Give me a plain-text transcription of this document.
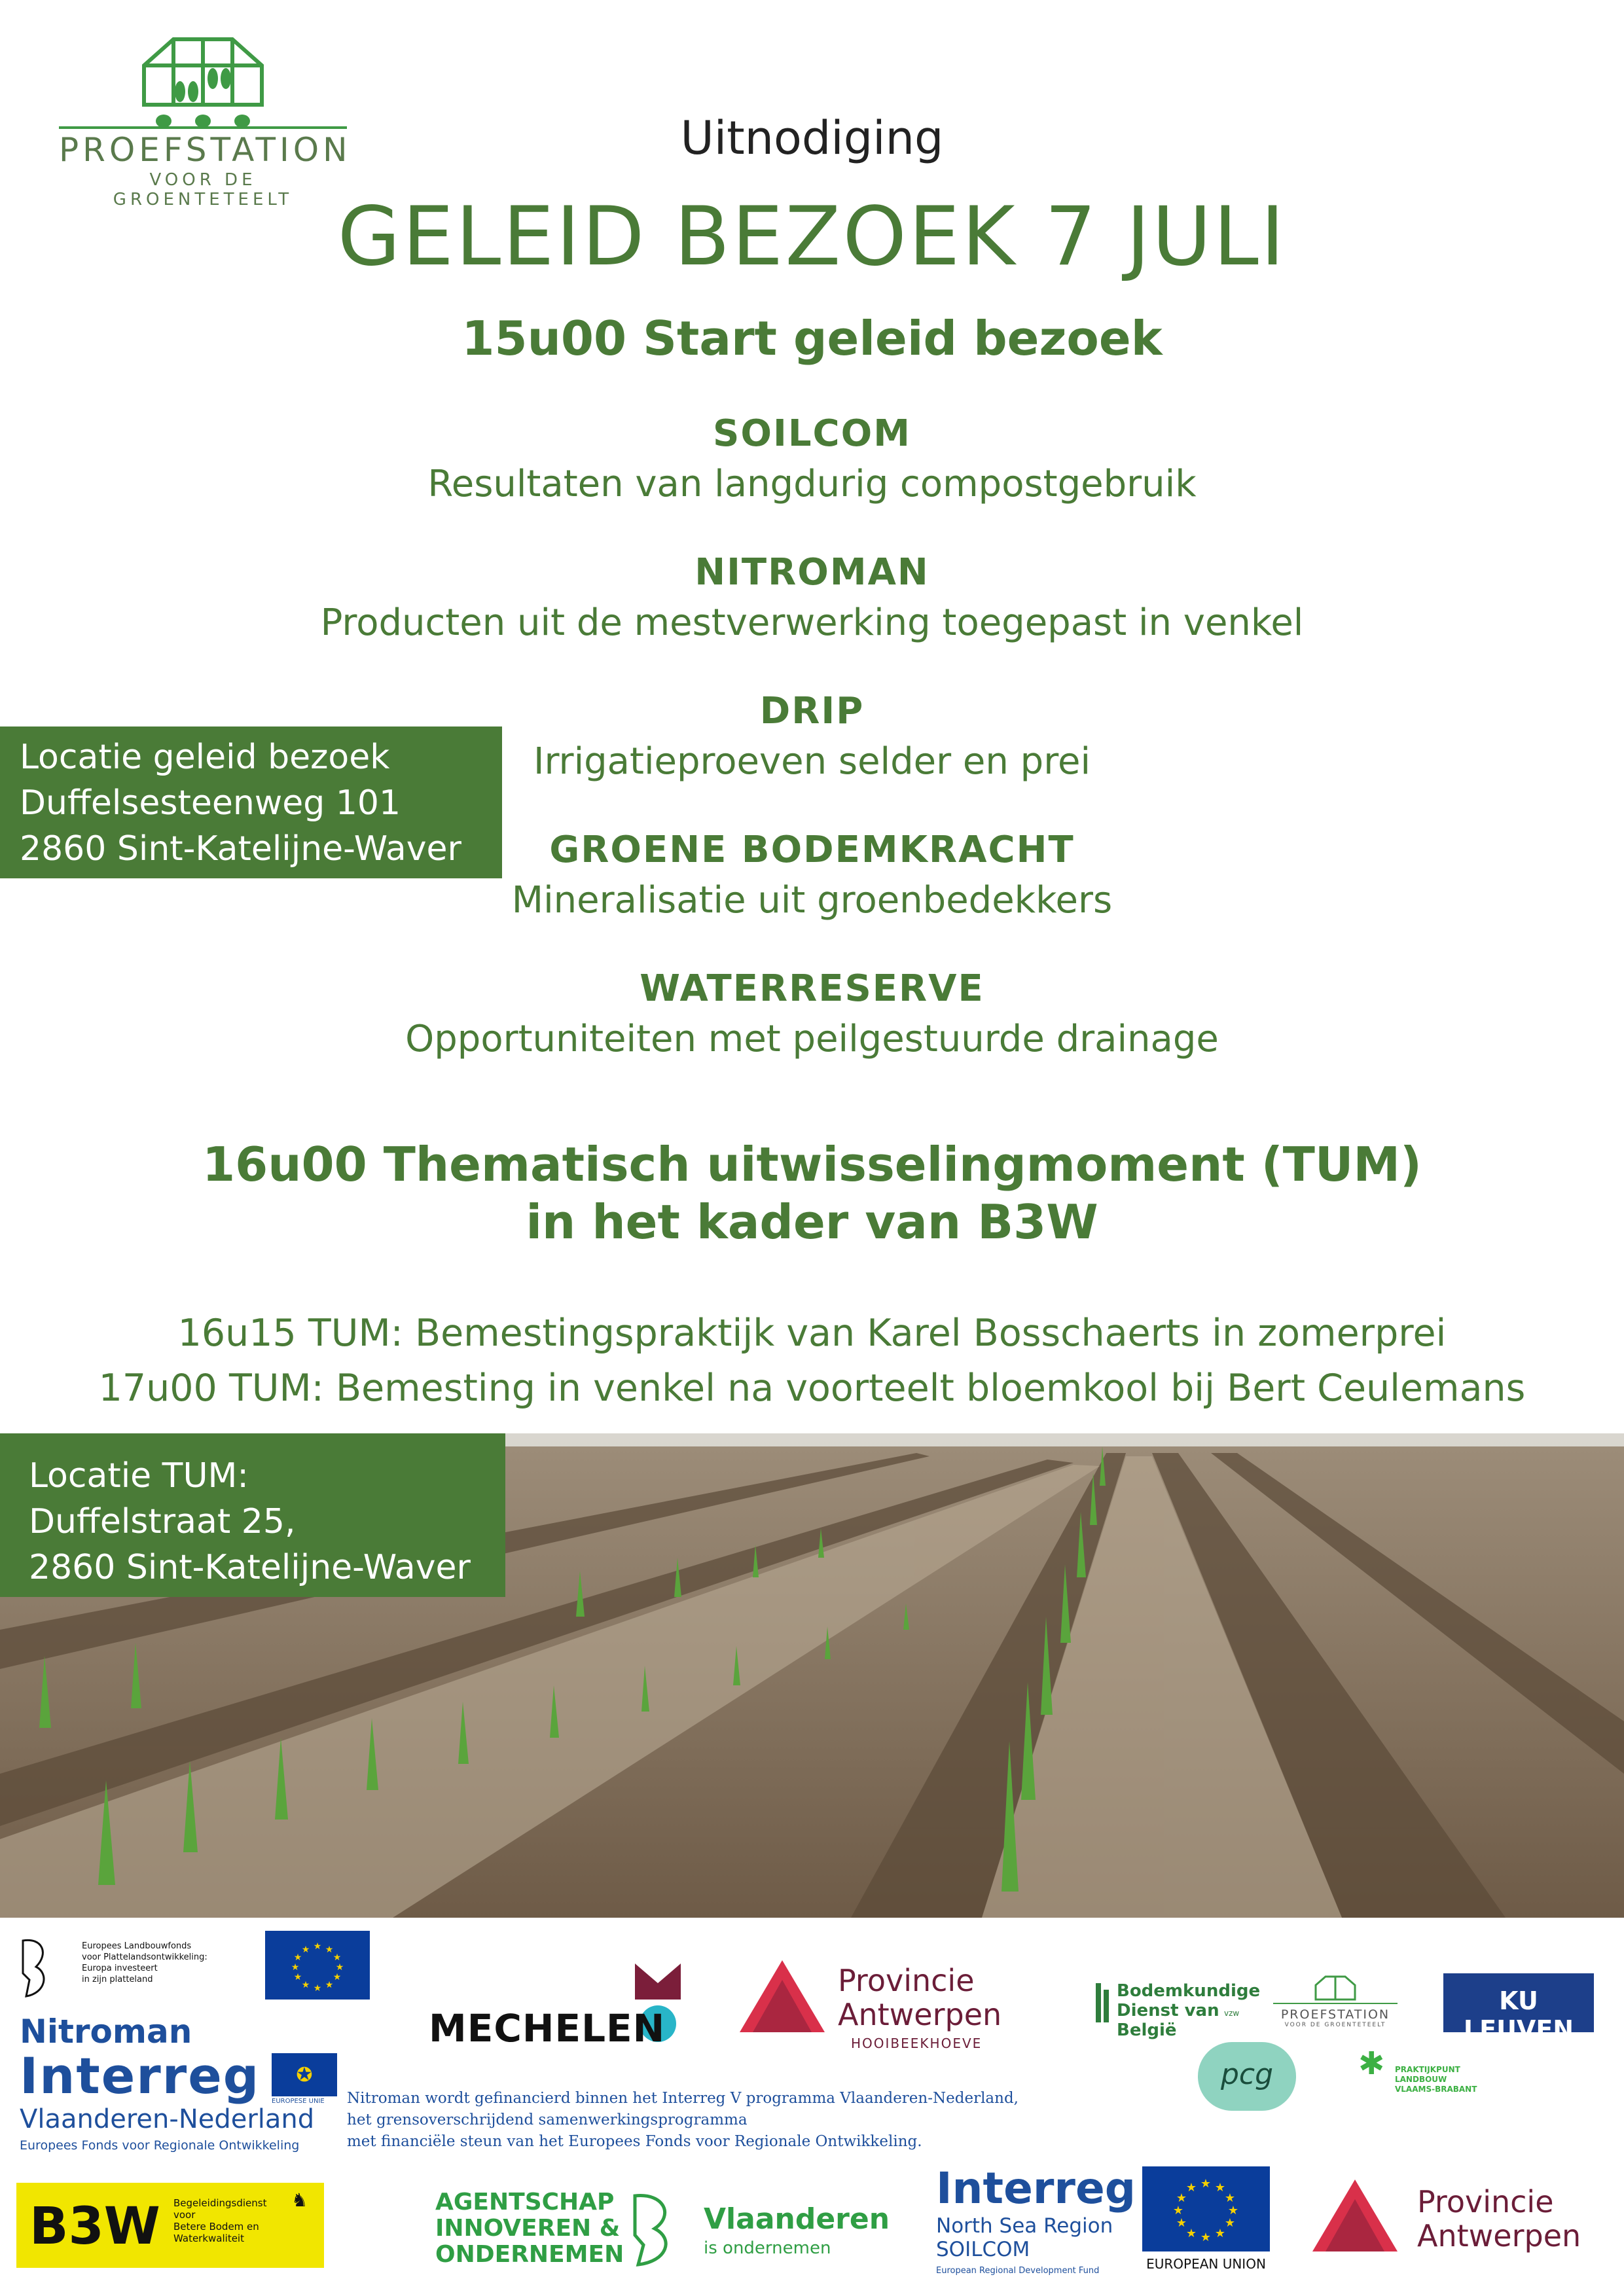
PROEFSTATION
VOOR DE GROENTETEELT
Uitnodiging
GELEID BEZOEK 7 JULI
15u00 Start geleid bezoek
SOILCOM
Resultaten van langdurig compostgebruik
NITROMAN
Producten uit de mestverwerking toegepast in venkel
DRIP
Irrigatieproeven selder en prei
GROENE BODEMKRACHT
Mineralisatie uit groenbedekkers
WATERRESERVE
Opportuniteiten met peilgestuurde drainage
Locatie geleid bezoek
Duffelsesteenweg 101
2860 Sint-Katelijne-Waver
16u00 Thematisch uitwisselingmoment (TUM)
in het kader van B3W
16u15 TUM: Bemestingspraktijk van Karel Bosschaerts in zomerprei
17u00 TUM: Bemesting in venkel na voorteelt bloemkool bij Bert Ceulemans
Locatie TUM:
Duffelstraat 25,
2860 Sint-Katelijne-Waver
Europees Landbouwfonds
voor Plattelandsontwikkeling:
Europa investeert
in zijn platteland
★ ★
★
★
★
★
★
★
★
★
★
★
MECHELEN
Provincie
Antwerpen
HOOIBEEKHOEVE
Bodemkundige
Dienst van België
vzw	PROEFSTATION
VOOR DE GROENTETEELT
KU LEUVEN
pcg	✱ PRAKTIJKPUNT LANDBOUW
VLAAMS-BRABANT
Nitroman
Interreg	✪
EUROPESE UNIE
Vlaanderen-Nederland
Europees Fonds voor Regionale Ontwikkeling
Nitroman wordt gefinancierd binnen het Interreg V programma Vlaanderen-Nederland,
het grensoverschrijdend samenwerkingsprogramma
met financiële steun van het Europees Fonds voor Regionale Ontwikkeling.
B3W Begeleidingsdienst
voor
Betere Bodem en
Waterkwaliteit
♞	AGENTSCHAP
INNOVEREN &
ONDERNEMEN
Vlaanderen
is ondernemen
Interreg
North Sea Region
SOILCOM
European Regional Development Fund
★ ★
★
★
★
★
★
★
★
★
★
★
EUROPEAN UNION
Provincie
Antwerpen
